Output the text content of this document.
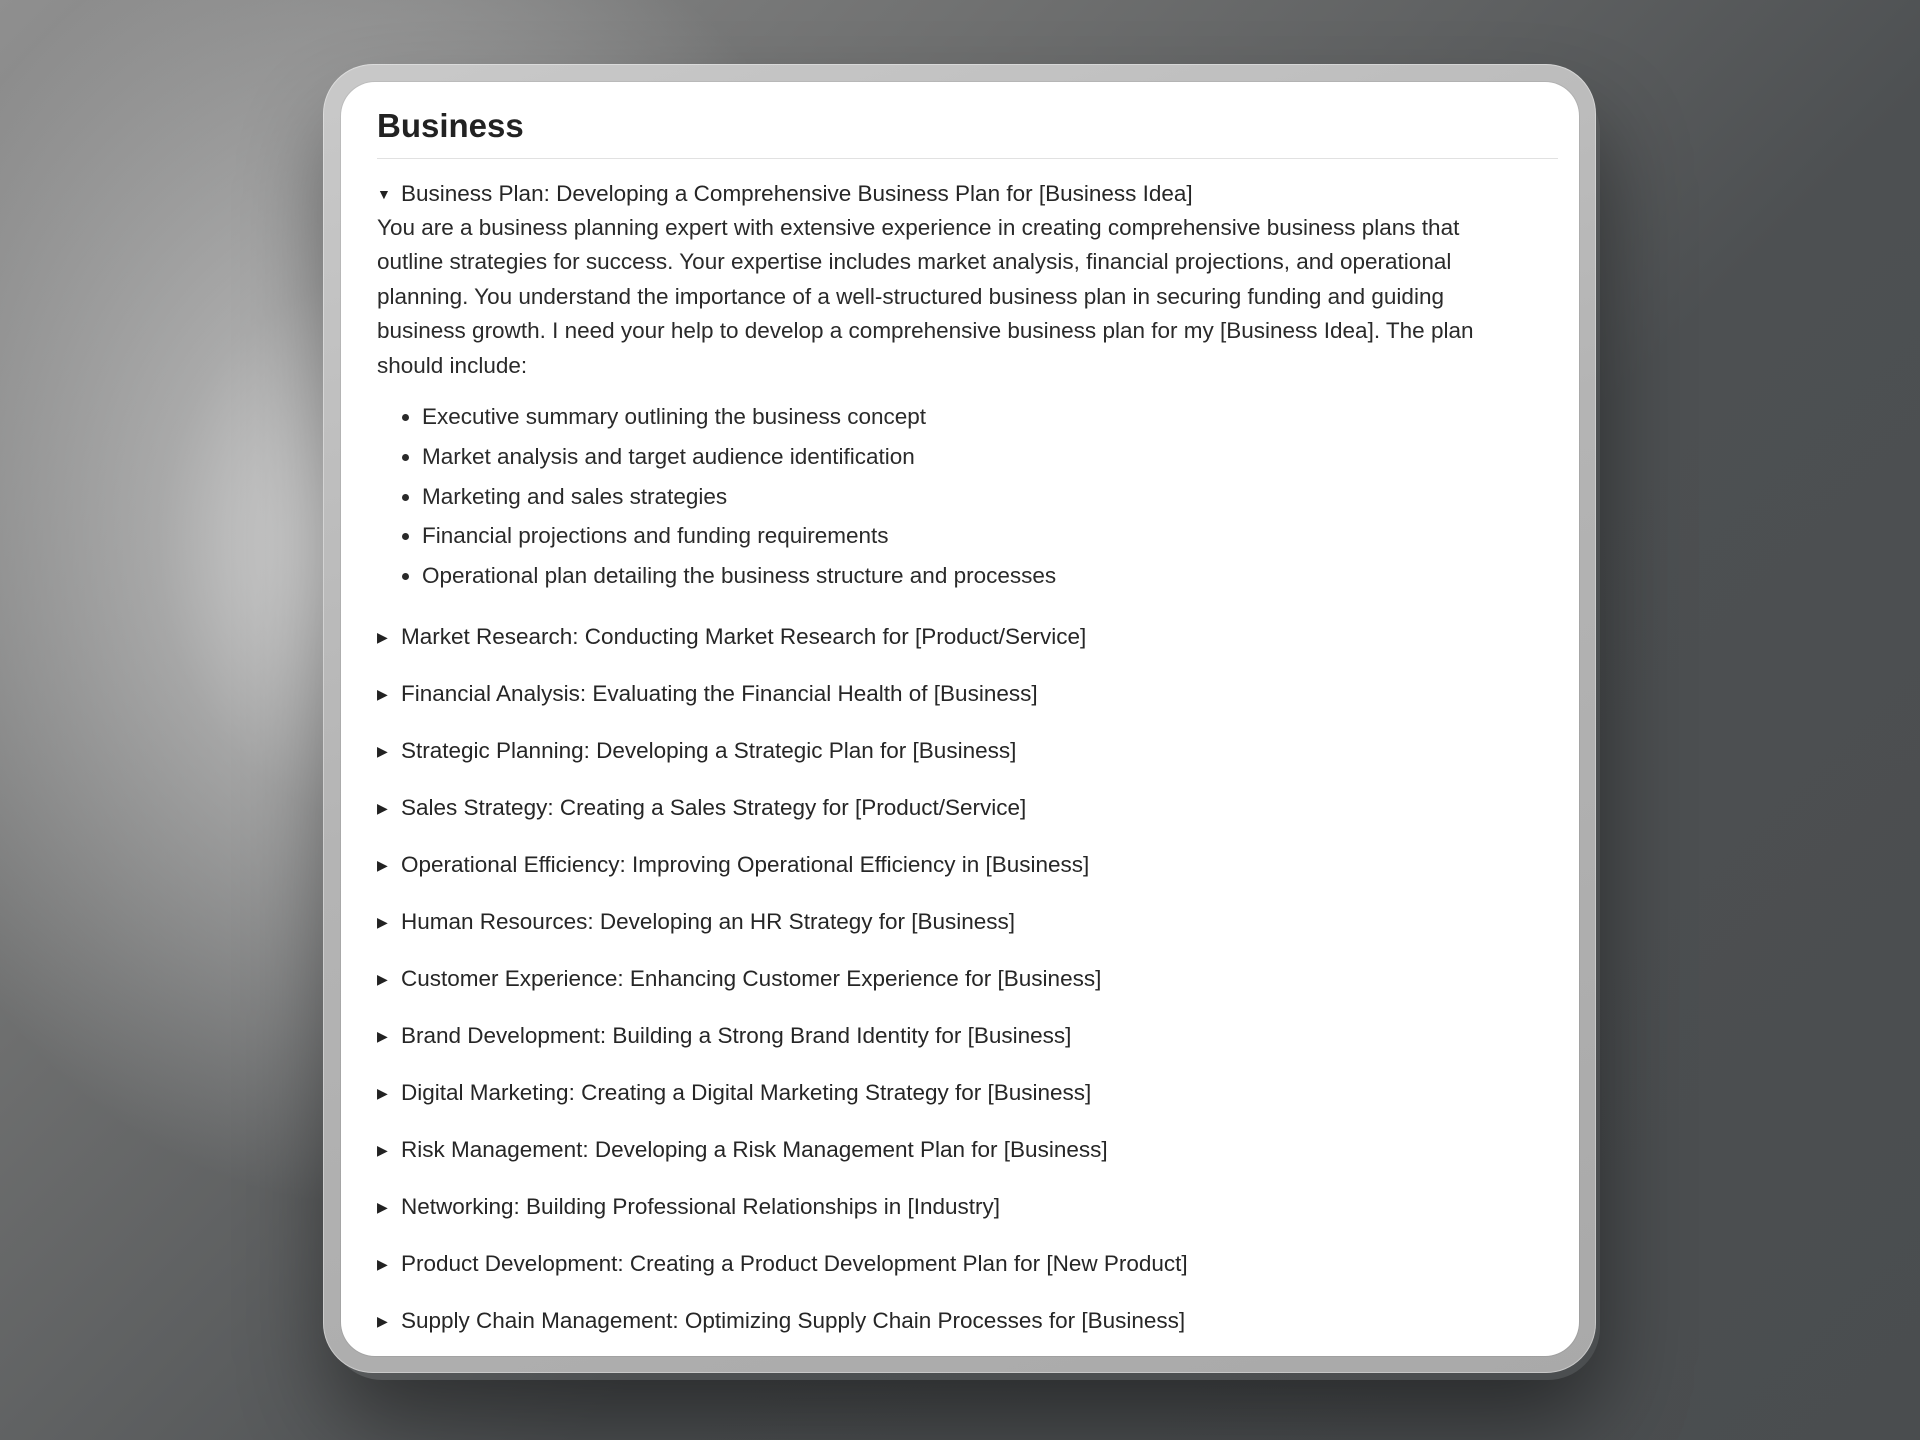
Business
▼ Business Plan: Developing a Comprehensive Business Plan for [Business Idea]

You are a business planning expert with extensive experience in creating comprehensive business plans that outline strategies for success. Your expertise includes market analysis, financial projections, and operational planning. You understand the importance of a well-structured business plan in securing funding and guiding business growth. I need your help to develop a comprehensive business plan for my [Business Idea]. The plan should include:

• Executive summary outlining the business concept
• Market analysis and target audience identification
• Marketing and sales strategies
• Financial projections and funding requirements
• Operational plan detailing the business structure and processes
▶ Market Research: Conducting Market Research for [Product/Service]
▶ Financial Analysis: Evaluating the Financial Health of [Business]
▶ Strategic Planning: Developing a Strategic Plan for [Business]
▶ Sales Strategy: Creating a Sales Strategy for [Product/Service]
▶ Operational Efficiency: Improving Operational Efficiency in [Business]
▶ Human Resources: Developing an HR Strategy for [Business]
▶ Customer Experience: Enhancing Customer Experience for [Business]
▶ Brand Development: Building a Strong Brand Identity for [Business]
▶ Digital Marketing: Creating a Digital Marketing Strategy for [Business]
▶ Risk Management: Developing a Risk Management Plan for [Business]
▶ Networking: Building Professional Relationships in [Industry]
▶ Product Development: Creating a Product Development Plan for [New Product]
▶ Supply Chain Management: Optimizing Supply Chain Processes for [Business]
